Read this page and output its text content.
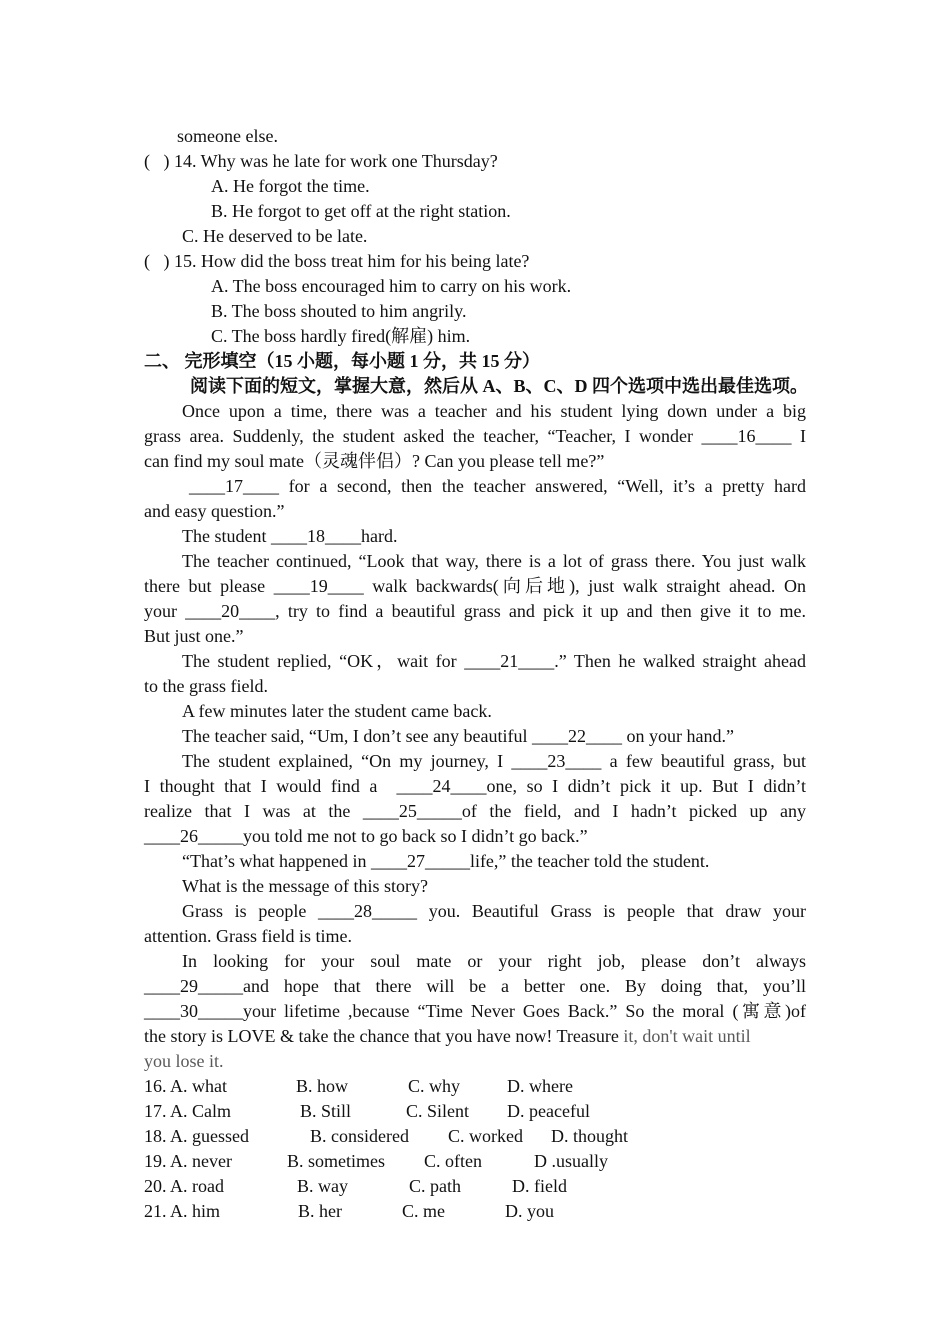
someone else.
(   ) 14. Why was he late for work one Thursday?
A. He forgot the time.
B. He forgot to get off at the right station.
C. He deserved to be late.
(   ) 15. How did the boss treat him for his being late?
A. The boss encouraged him to carry on his work.
B. The boss shouted to him angrily.
C. The boss hardly fired(解雇) him.
二、 完形填空（15 小题，每小题 1 分，共 15 分）
阅读下面的短文，掌握大意，然后从 A、B、C、D 四个选项中选出最佳选项。
Once upon a time, there was a teacher and his student lying down under a big
grass area. Suddenly, the student asked the teacher, “Teacher, I wonder ____16____ I
can find my soul mate（灵魂伴侣）? Can you please tell me?”
____17____ for a second, then the teacher answered, “Well, it’s a pretty hard
and easy question.”
The student ____18____hard.
The teacher continued, “Look that way, there is a lot of grass there. You just walk
there but please ____19____ walk backwards(向后地), just walk straight ahead. On
your ____20____, try to find a beautiful grass and pick it up and then give it to me.
But just one.”
The student replied, “OK，wait for ____21____.” Then he walked straight ahead
to the grass field.
A few minutes later the student came back.
The teacher said, “Um, I don’t see any beautiful ____22____ on your hand.”
The student explained, “On my journey, I ____23____ a few beautiful grass, but
I thought that I would find a  ____24____one, so I didn’t pick it up. But I didn’t
realize that I was at the ____25_____of the field, and I hadn’t picked up any
____26_____you told me not to go back so I didn’t go back.”
“That’s what happened in ____27_____life,” the teacher told the student.
What is the message of this story?
Grass is people ____28_____ you. Beautiful Grass is people that draw your
attention. Grass field is time.
In looking for your soul mate or your right job, please don’t always
____29_____and hope that there will be a better one. By doing that, you’ll
____30_____your lifetime ,because “Time Never Goes Back.” So the moral (寓意)of
the story is LOVE & take the chance that you have now! Treasure it, don't wait until
you lose it.
16. A. what	B. how	C. why	D. where
17. A. Calm	B. Still	C. Silent D. peaceful
18. A. guessed	B. considered C. worked D. thought
19. A. never	B. sometimes C. often	D .usually
20. A. road	B. way	C. path	D. field
21. A. him	B. her	C. me	D. you
